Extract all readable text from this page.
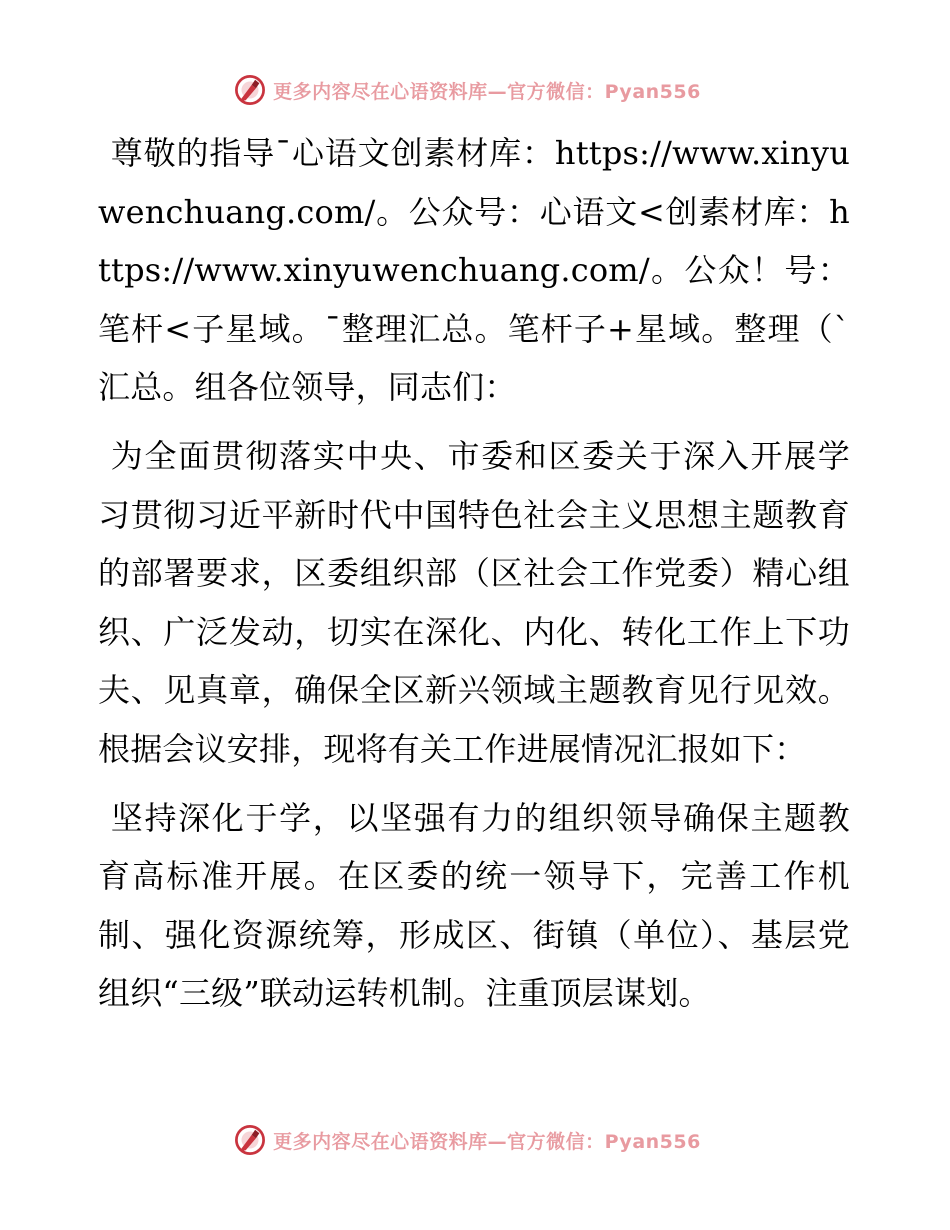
更多内容尽在心语资料库—官方微信：Pyan556

尊敬的指导¯心语文创素材库：https://www.xinyuwenchuang.com/。公众号：心语文<创素材库：https://www.xinyuwenchuang.com/。公众！号：笔杆<子星域。¯整理汇总。笔杆子+星域。整理（`汇总。组各位领导，同志们：

为全面贯彻落实中央、市委和区委关于深入开展学习贯彻习近平新时代中国特色社会主义思想主题教育的部署要求，区委组织部（区社会工作党委）精心组织、广泛发动，切实在深化、内化、转化工作上下功夫、见真章，确保全区新兴领域主题教育见行见效。根据会议安排，现将有关工作进展情况汇报如下：

坚持深化于学，以坚强有力的组织领导确保主题教育高标准开展。在区委的统一领导下，完善工作机制、强化资源统筹，形成区、街镇（单位）、基层党组织“三级”联动运转机制。注重顶层谋划。

更多内容尽在心语资料库—官方微信：Pyan556
